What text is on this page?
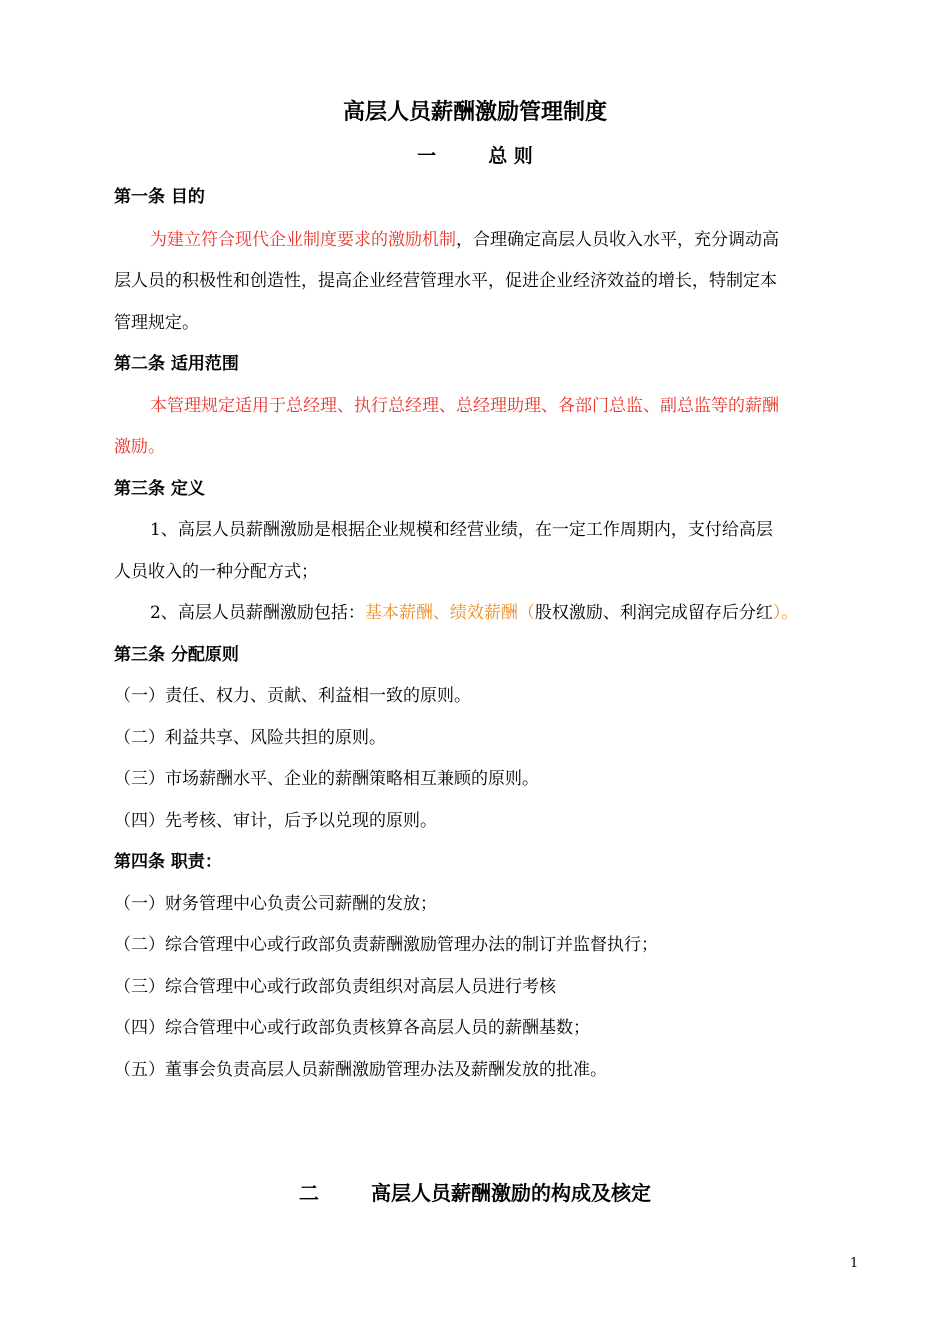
高层人员薪酬激励管理制度
一	总 则
第一条 目的
为建立符合现代企业制度要求的激励机制，合理确定高层人员收入水平，充分调动高
层人员的积极性和创造性，提高企业经营管理水平，促进企业经济效益的增长，特制定本
管理规定。
第二条 适用范围
本管理规定适用于总经理、执行总经理、总经理助理、各部门总监、副总监等的薪酬
激励。
第三条 定义
1、高层人员薪酬激励是根据企业规模和经营业绩，在一定工作周期内，支付给高层
人员收入的一种分配方式；
2、高层人员薪酬激励包括：基本薪酬、绩效薪酬（股权激励、利润完成留存后分红）。
第三条 分配原则
（一）责任、权力、贡献、利益相一致的原则。
（二）利益共享、风险共担的原则。
（三）市场薪酬水平、企业的薪酬策略相互兼顾的原则。
（四）先考核、审计，后予以兑现的原则。
第四条 职责：
（一）财务管理中心负责公司薪酬的发放；
（二）综合管理中心或行政部负责薪酬激励管理办法的制订并监督执行；
（三）综合管理中心或行政部负责组织对高层人员进行考核
（四）综合管理中心或行政部负责核算各高层人员的薪酬基数；
（五）董事会负责高层人员薪酬激励管理办法及薪酬发放的批准。
二	高层人员薪酬激励的构成及核定
1
